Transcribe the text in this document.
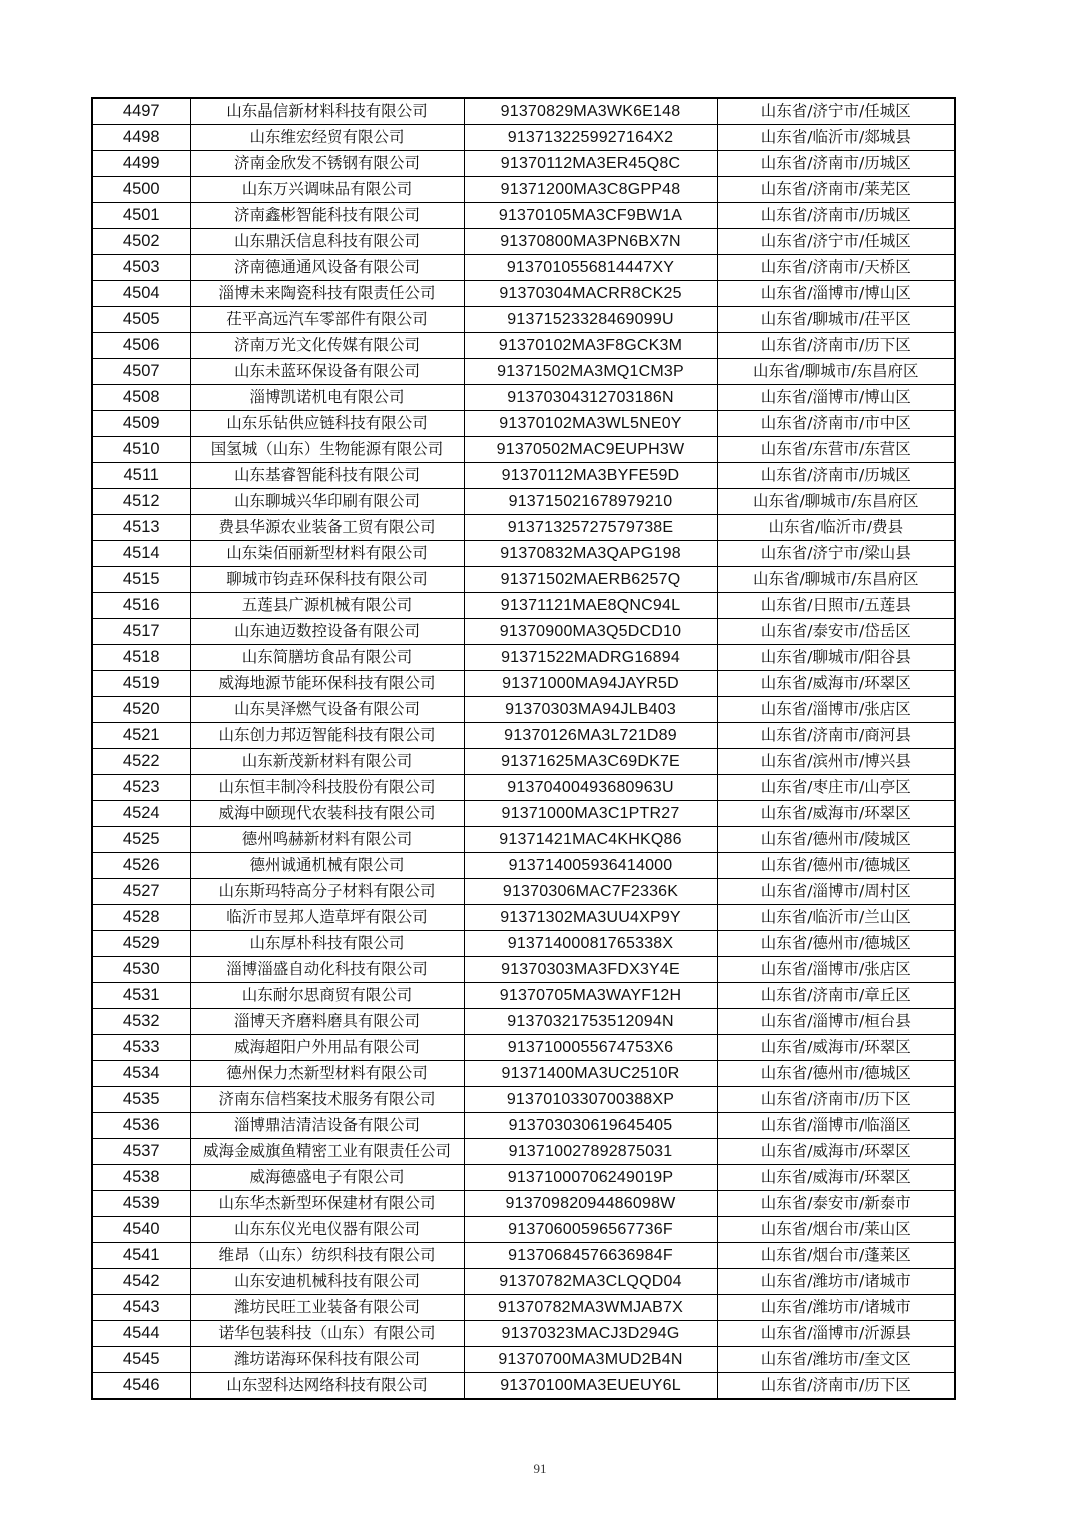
4497	山东晶信新材料科技有限公司	91370829MA3WK6E148	山东省/济宁市/任城区
4498	山东维宏经贸有限公司	9137132259927164X2	山东省/临沂市/郯城县
4499	济南金欣发不锈钢有限公司	91370112MA3ER45Q8C	山东省/济南市/历城区
4500	山东万兴调味品有限公司	91371200MA3C8GPP48	山东省/济南市/莱芜区
4501	济南鑫彬智能科技有限公司	91370105MA3CF9BW1A	山东省/济南市/历城区
4502	山东鼎沃信息科技有限公司	91370800MA3PN6BX7N	山东省/济宁市/任城区
4503	济南德通通风设备有限公司	9137010556814447XY	山东省/济南市/天桥区
4504	淄博未来陶瓷科技有限责任公司	91370304MACRR8CK25	山东省/淄博市/博山区
4505	茌平高远汽车零部件有限公司	91371523328469099U	山东省/聊城市/茌平区
4506	济南万光文化传媒有限公司	91370102MA3F8GCK3M	山东省/济南市/历下区
4507	山东未蓝环保设备有限公司	91371502MA3MQ1CM3P	山东省/聊城市/东昌府区
4508	淄博凯诺机电有限公司	91370304312703186N	山东省/淄博市/博山区
4509	山东乐钻供应链科技有限公司	91370102MA3WL5NE0Y	山东省/济南市/市中区
4510	国氢城（山东）生物能源有限公司	91370502MAC9EUPH3W	山东省/东营市/东营区
4511	山东基睿智能科技有限公司	91370112MA3BYFE59D	山东省/济南市/历城区
4512	山东聊城兴华印刷有限公司	913715021678979210	山东省/聊城市/东昌府区
4513	费县华源农业装备工贸有限公司	91371325727579738E	山东省/临沂市/费县
4514	山东柒佰丽新型材料有限公司	91370832MA3QAPG198	山东省/济宁市/梁山县
4515	聊城市钧垚环保科技有限公司	91371502MAERB6257Q	山东省/聊城市/东昌府区
4516	五莲县广源机械有限公司	91371121MAE8QNC94L	山东省/日照市/五莲县
4517	山东迪迈数控设备有限公司	91370900MA3Q5DCD10	山东省/泰安市/岱岳区
4518	山东简膳坊食品有限公司	91371522MADRG16894	山东省/聊城市/阳谷县
4519	威海地源节能环保科技有限公司	91371000MA94JAYR5D	山东省/威海市/环翠区
4520	山东昊泽燃气设备有限公司	91370303MA94JLB403	山东省/淄博市/张店区
4521	山东创力邦迈智能科技有限公司	91370126MA3L721D89	山东省/济南市/商河县
4522	山东新茂新材料有限公司	91371625MA3C69DK7E	山东省/滨州市/博兴县
4523	山东恒丰制冷科技股份有限公司	91370400493680963U	山东省/枣庄市/山亭区
4524	威海中颐现代农装科技有限公司	91371000MA3C1PTR27	山东省/威海市/环翠区
4525	德州鸣赫新材料有限公司	91371421MAC4KHKQ86	山东省/德州市/陵城区
4526	德州诚通机械有限公司	913714005936414000	山东省/德州市/德城区
4527	山东斯玛特高分子材料有限公司	91370306MAC7F2336K	山东省/淄博市/周村区
4528	临沂市昱邦人造草坪有限公司	91371302MA3UU4XP9Y	山东省/临沂市/兰山区
4529	山东厚朴科技有限公司	91371400081765338X	山东省/德州市/德城区
4530	淄博淄盛自动化科技有限公司	91370303MA3FDX3Y4E	山东省/淄博市/张店区
4531	山东耐尔思商贸有限公司	91370705MA3WAYF12H	山东省/济南市/章丘区
4532	淄博天齐磨料磨具有限公司	91370321753512094N	山东省/淄博市/桓台县
4533	威海超阳户外用品有限公司	9137100055674753X6	山东省/威海市/环翠区
4534	德州保力杰新型材料有限公司	91371400MA3UC2510R	山东省/德州市/德城区
4535	济南东信档案技术服务有限公司	9137010330700388XP	山东省/济南市/历下区
4536	淄博鼎洁清洁设备有限公司	913703030619645405	山东省/淄博市/临淄区
4537	威海金威旗鱼精密工业有限责任公司	913710027892875031	山东省/威海市/环翠区
4538	威海德盛电子有限公司	91371000706249019P	山东省/威海市/环翠区
4539	山东华杰新型环保建材有限公司	91370982094486098W	山东省/泰安市/新泰市
4540	山东东仪光电仪器有限公司	91370600596567736F	山东省/烟台市/莱山区
4541	维昂（山东）纺织科技有限公司	91370684576636984F	山东省/烟台市/蓬莱区
4542	山东安迪机械科技有限公司	91370782MA3CLQQD04	山东省/潍坊市/诸城市
4543	潍坊民旺工业装备有限公司	91370782MA3WMJAB7X	山东省/潍坊市/诸城市
4544	诺华包装科技（山东）有限公司	91370323MACJ3D294G	山东省/淄博市/沂源县
4545	潍坊诺海环保科技有限公司	91370700MA3MUD2B4N	山东省/潍坊市/奎文区
4546	山东翌科达网络科技有限公司	91370100MA3EUEUY6L	山东省/济南市/历下区
91
